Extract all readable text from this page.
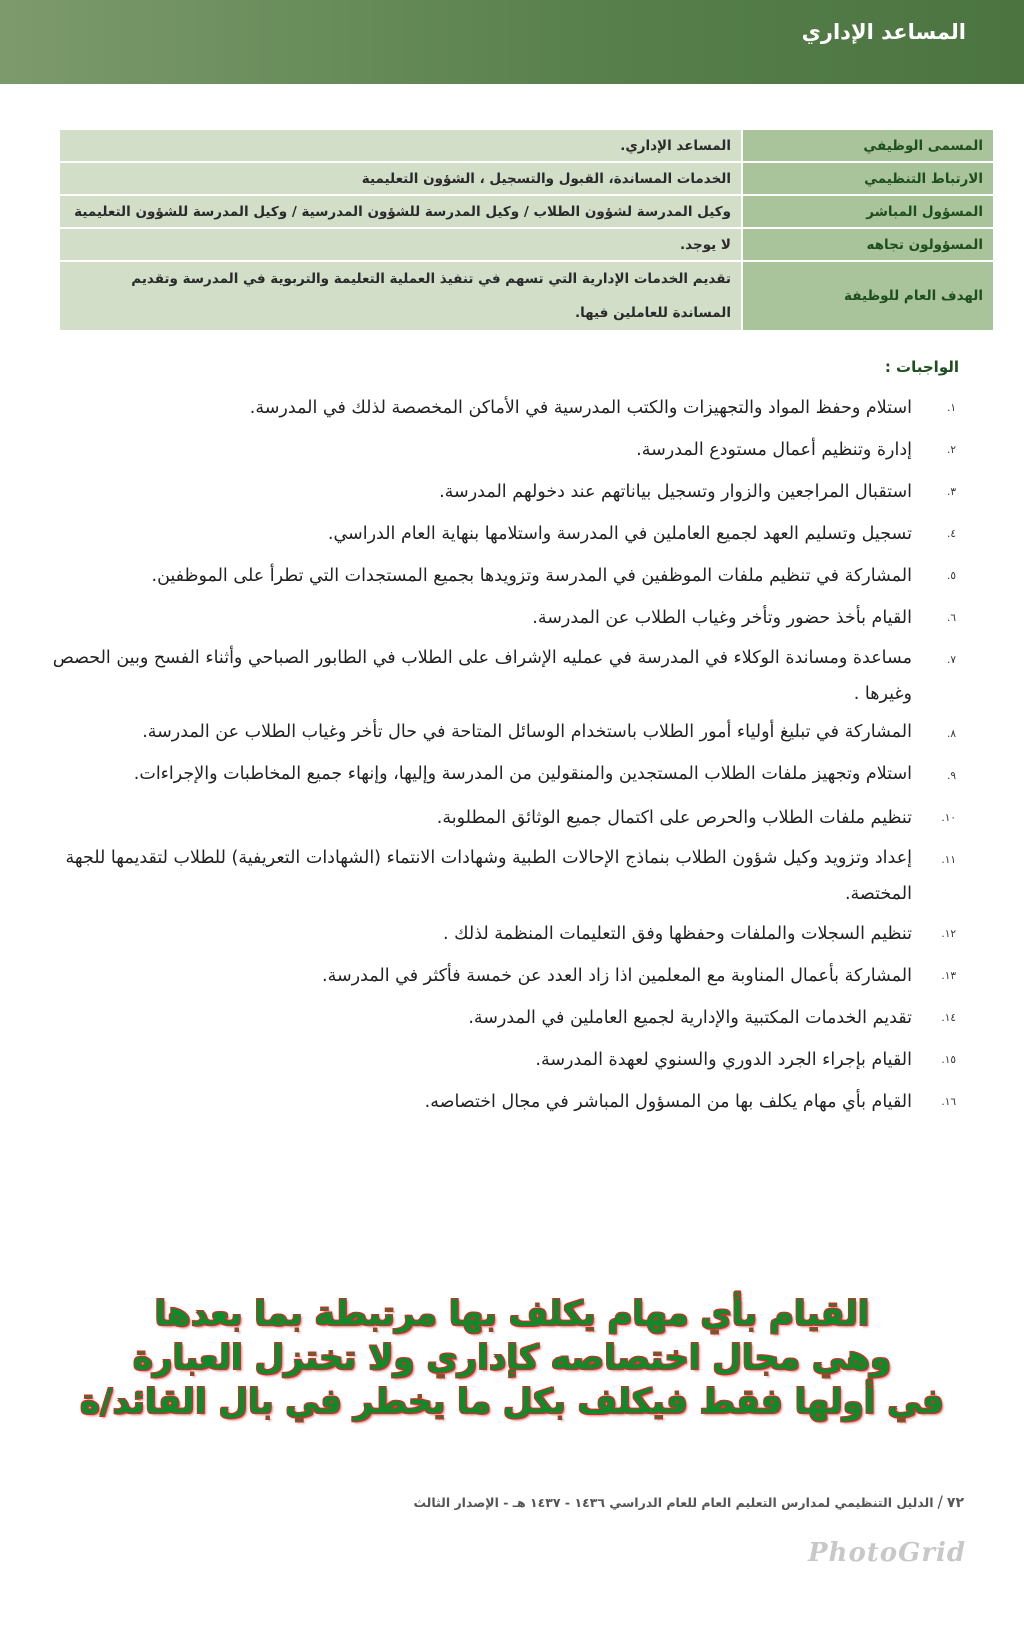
المساعد الإداري
المسمى الوظيفي	المساعد الإداري.
الارتباط التنظيمي	الخدمات المساندة، القبول والتسجيل ، الشؤون التعليمية
المسؤول المباشر	وكيل المدرسة لشؤون الطلاب / وكيل المدرسة للشؤون المدرسية / وكيل المدرسة للشؤون التعليمية
المسؤولون تجاهه	لا يوجد.
الهدف العام للوظيفة	تقديم الخدمات الإدارية التي تسهم في تنفيذ العملية التعليمة والتربوية في المدرسة وتقديم المساندة للعاملين فيها.
الواجبات :
١.
استلام وحفظ المواد والتجهيزات والكتب المدرسية في الأماكن المخصصة لذلك في المدرسة.
٢.
إدارة وتنظيم أعمال مستودع المدرسة.
٣.
استقبال المراجعين والزوار وتسجيل بياناتهم عند دخولهم المدرسة.
٤.
تسجيل وتسليم العهد لجميع العاملين في المدرسة واستلامها بنهاية العام الدراسي.
٥.
المشاركة في تنظيم ملفات الموظفين في المدرسة وتزويدها بجميع المستجدات التي تطرأ على الموظفين.
٦.
القيام بأخذ حضور وتأخر وغياب الطلاب عن المدرسة.
٧.
مساعدة ومساندة الوكلاء في المدرسة في عمليه الإشراف على الطلاب في الطابور الصباحي وأثناء الفسح وبين الحصص وغيرها .
٨.
المشاركة في تبليغ أولياء أمور الطلاب باستخدام الوسائل المتاحة في حال تأخر وغياب الطلاب عن المدرسة.
٩.
استلام وتجهيز ملفات الطلاب المستجدين والمنقولين من المدرسة وإليها، وإنهاء جميع المخاطبات والإجراءات.
١٠.
تنظيم ملفات الطلاب والحرص على اكتمال جميع الوثائق المطلوبة.
١١.
إعداد وتزويد وكيل شؤون الطلاب بنماذج الإحالات الطبية وشهادات الانتماء (الشهادات التعريفية) للطلاب لتقديمها للجهة المختصة.
١٢.
تنظيم السجلات والملفات وحفظها وفق التعليمات المنظمة لذلك .
١٣.
المشاركة بأعمال المناوبة مع المعلمين اذا زاد العدد عن خمسة فأكثر في المدرسة.
١٤.
تقديم الخدمات المكتبية والإدارية لجميع العاملين في المدرسة.
١٥.
القيام بإجراء الجرد الدوري والسنوي لعهدة المدرسة.
١٦.
القيام بأي مهام يكلف بها من المسؤول المباشر في مجال اختصاصه.
القيام بأي مهام يكلف بها مرتبطة بما بعدها
وهي مجال اختصاصه كإداري ولا تختزل العبارة
في أولها فقط فيكلف بكل ما يخطر في بال القائد/ة
٧٢/الدليل التنظيمي لمدارس التعليم العام للعام الدراسي ١٤٣٦ - ١٤٣٧ هـ - الإصدار الثالث
PhotoGrid
